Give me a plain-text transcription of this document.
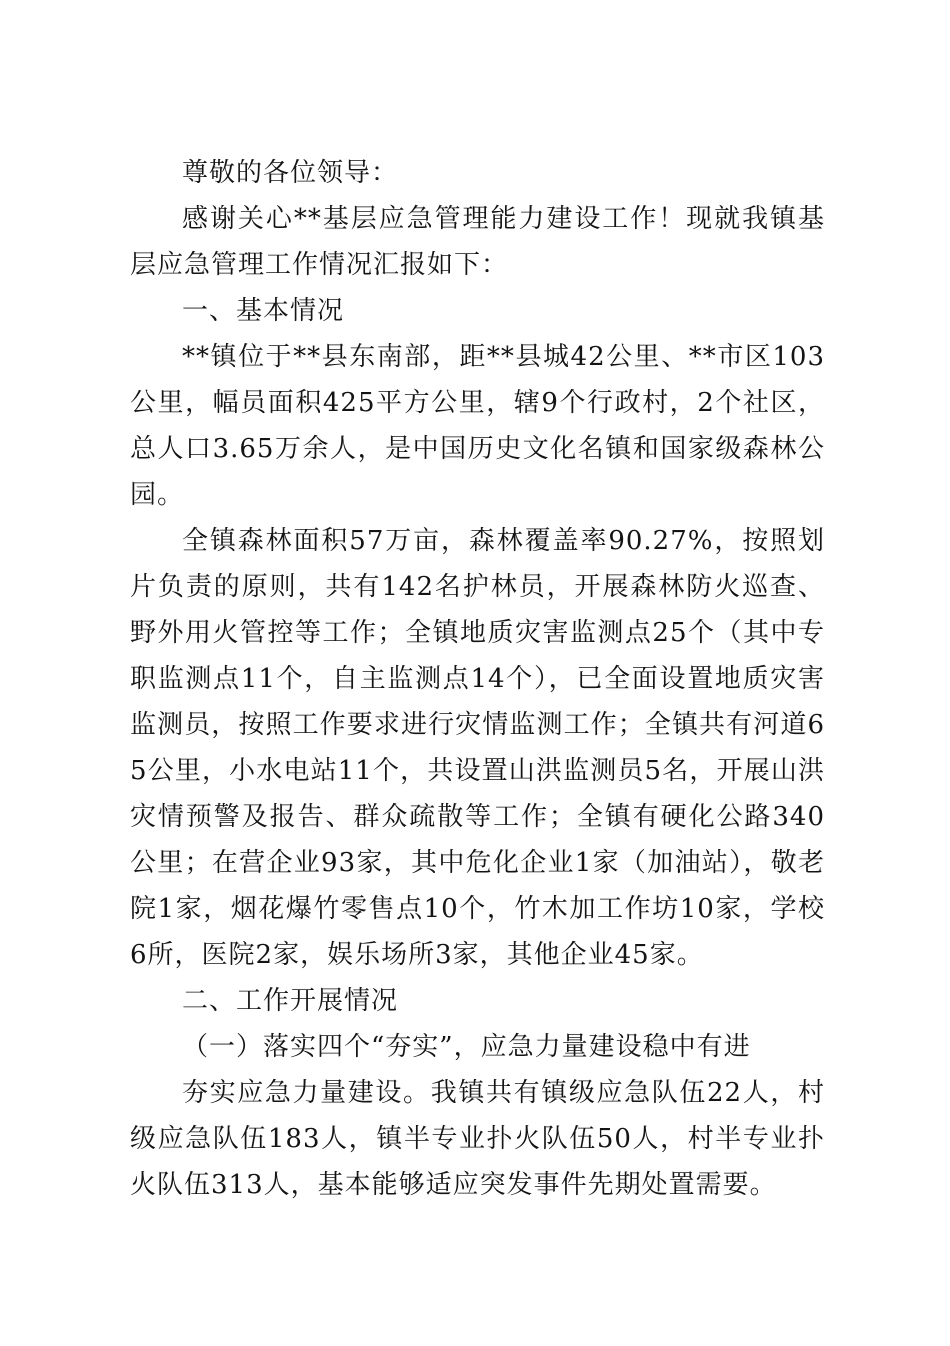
尊敬的各位领导：

感谢关心**基层应急管理能力建设工作！现就我镇基层应急管理工作情况汇报如下：

一、基本情况

**镇位于**县东南部，距**县城42公里、**市区103公里，幅员面积425平方公里，辖9个行政村，2个社区，总人口3.65万余人，是中国历史文化名镇和国家级森林公园。

全镇森林面积57万亩，森林覆盖率90.27%，按照划片负责的原则，共有142名护林员，开展森林防火巡查、野外用火管控等工作；全镇地质灾害监测点25个（其中专职监测点11个，自主监测点14个），已全面设置地质灾害监测员，按照工作要求进行灾情监测工作；全镇共有河道65公里，小水电站11个，共设置山洪监测员5名，开展山洪灾情预警及报告、群众疏散等工作；全镇有硬化公路340公里；在营企业93家，其中危化企业1家（加油站），敬老院1家，烟花爆竹零售点10个，竹木加工作坊10家，学校6所，医院2家，娱乐场所3家，其他企业45家。

二、工作开展情况

（一）落实四个“夯实”，应急力量建设稳中有进

夯实应急力量建设。我镇共有镇级应急队伍22人，村级应急队伍183人，镇半专业扑火队伍50人，村半专业扑火队伍313人，基本能够适应突发事件先期处置需要。
